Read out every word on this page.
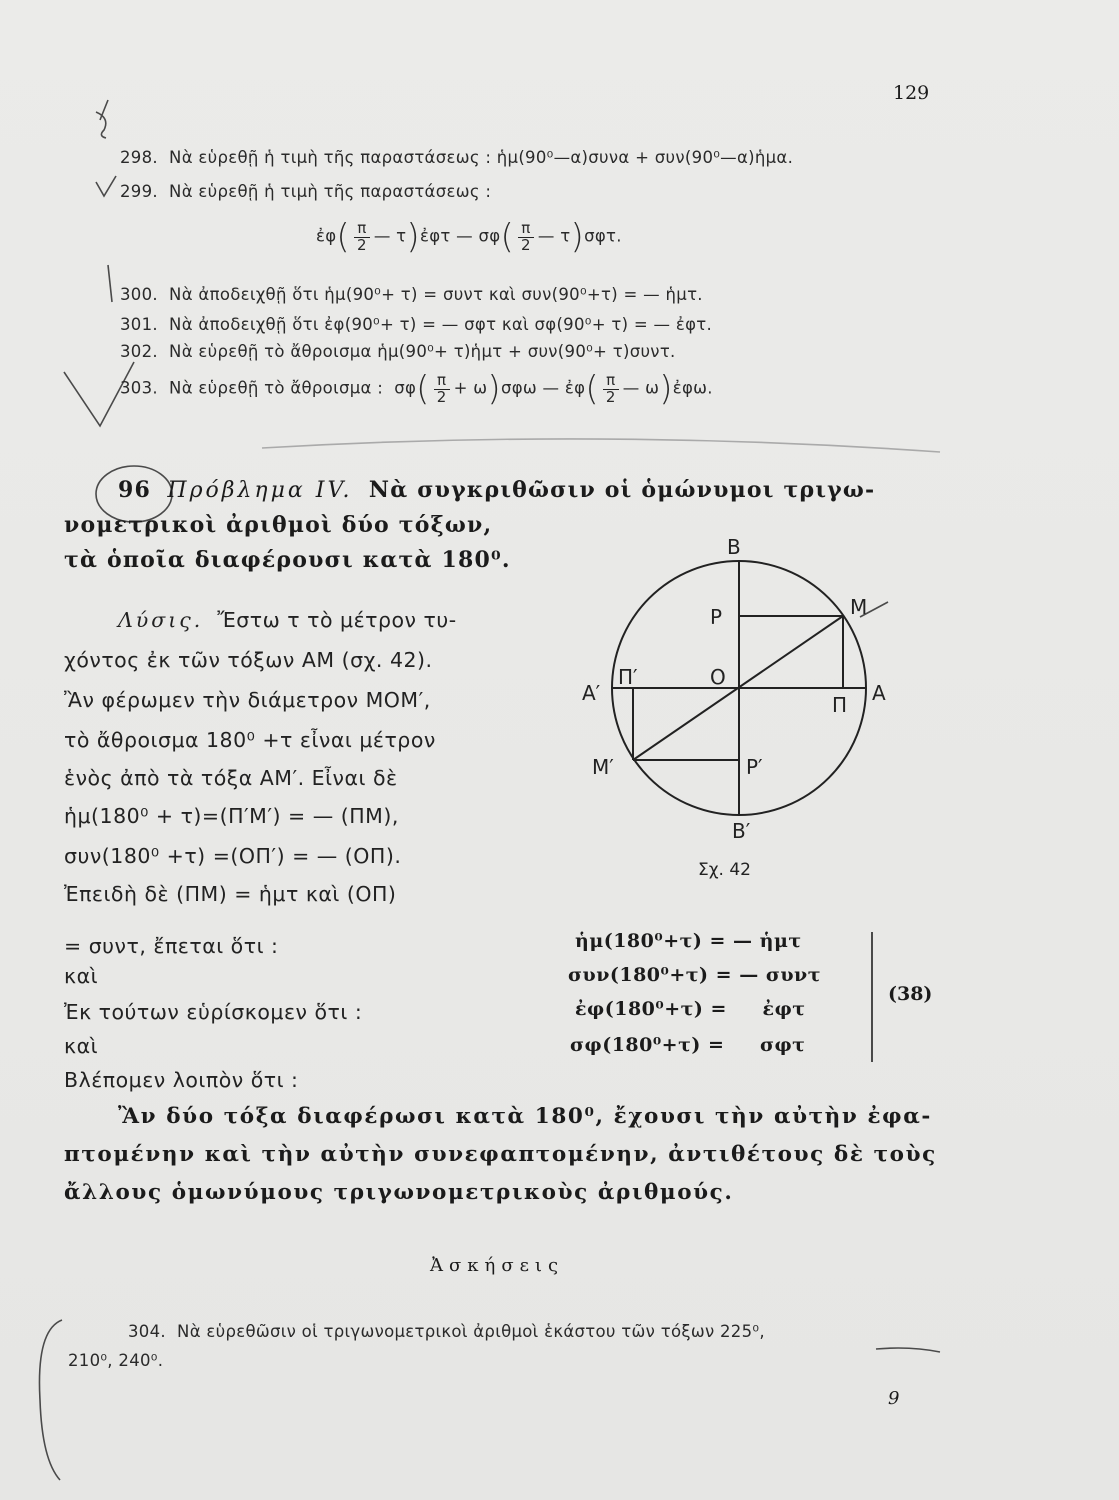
129
298. Νὰ εὑρεθῇ ἡ τιμὴ τῆς παραστάσεως : ἡμ(90⁰—α)συνα + συν(90⁰—α)ἡμα.
299. Νὰ εὑρεθῇ ἡ τιμὴ τῆς παραστάσεως :
ἐφ( $\frac{\pi}{2}$ — τ)ἐφτ — $\sigma\varphi( \frac{\pi}{2}$ — τ)σφτ.
300. Νὰ ἀποδειχθῇ ὅτι ἡμ(90⁰+ τ) = συντ καὶ συν(90⁰+τ) = — ἡμτ.
301. Νὰ ἀποδειχθῇ ὅτι ἐφ(90⁰+ τ) = — σφτ καὶ σφ(90⁰+ τ) = — ἐφτ.
302. Νὰ εὑρεθῇ τὸ ἄθροισμα ἡμ(90⁰+ τ)ἡμτ + συν(90⁰+ τ)συντ.
303. Νὰ εὑρεθῇ τὸ ἄθροισμα : $\sigma\varphi( \frac{\pi}{2} + \omega)\sigma\varphi\omega$ — ἐφ( $\frac{\pi}{2}$ — ω)ἐφω.
96 Πρόβλημα IV. Νὰ συγκριθῶσιν οἱ ὁμώνυμοι τριγω-
νομετρικοὶ ἀριθμοὶ δύο τόξων,
τὰ ὁποῖα διαφέρουσι κατὰ 180⁰.
Λύσις. Ἔστω τ τὸ μέτρον τυ-
χόντος ἐκ τῶν τόξων ΑΜ (σχ. 42).
Ἂν φέρωμεν τὴν διάμετρον ΜΟΜ′,
τὸ ἄθροισμα 180⁰ +τ εἶναι μέτρον
ἑνὸς ἀπὸ τὰ τόξα ΑΜ′. Εἶναι δὲ
ἡμ(180⁰ + τ)=(Π′Μ′) = — (ΠΜ),
συν(180⁰ +τ) =(ΟΠ′) = — (ΟΠ).
Ἐπειδὴ δὲ (ΠΜ) = ἡμτ καὶ (ΟΠ)
Β
Ρ	Μ
Ο
Π′
Α′	Α
Π
Μ′	Ρ′
Β′
Σχ. 42
= συντ, ἔπεται ὅτι :
καὶ
Ἐκ τούτων εὑρίσκομεν ὅτι :
καὶ
Βλέπομεν λοιπὸν ὅτι :
ἡμ(180⁰+τ) = — ἡμτ
συν(180⁰+τ) = — συντ
ἐφ(180⁰+τ) = ἐφτ
σφ(180⁰+τ) = σφτ
(38)
Ἂν δύο τόξα διαφέρωσι κατὰ 180⁰, ἔχουσι τὴν αὐτὴν ἐφα-
πτομένην καὶ τὴν αὐτὴν συνεφαπτομένην, ἀντιθέτους δὲ τοὺς
ἄλλους ὁμωνύμους τριγωνομετρικοὺς ἀριθμούς.
Ἀσκήσεις
304. Νὰ εὑρεθῶσιν οἱ τριγωνομετρικοὶ ἀριθμοὶ ἑκάστου τῶν τόξων 225⁰,
210⁰, 240⁰.
9
